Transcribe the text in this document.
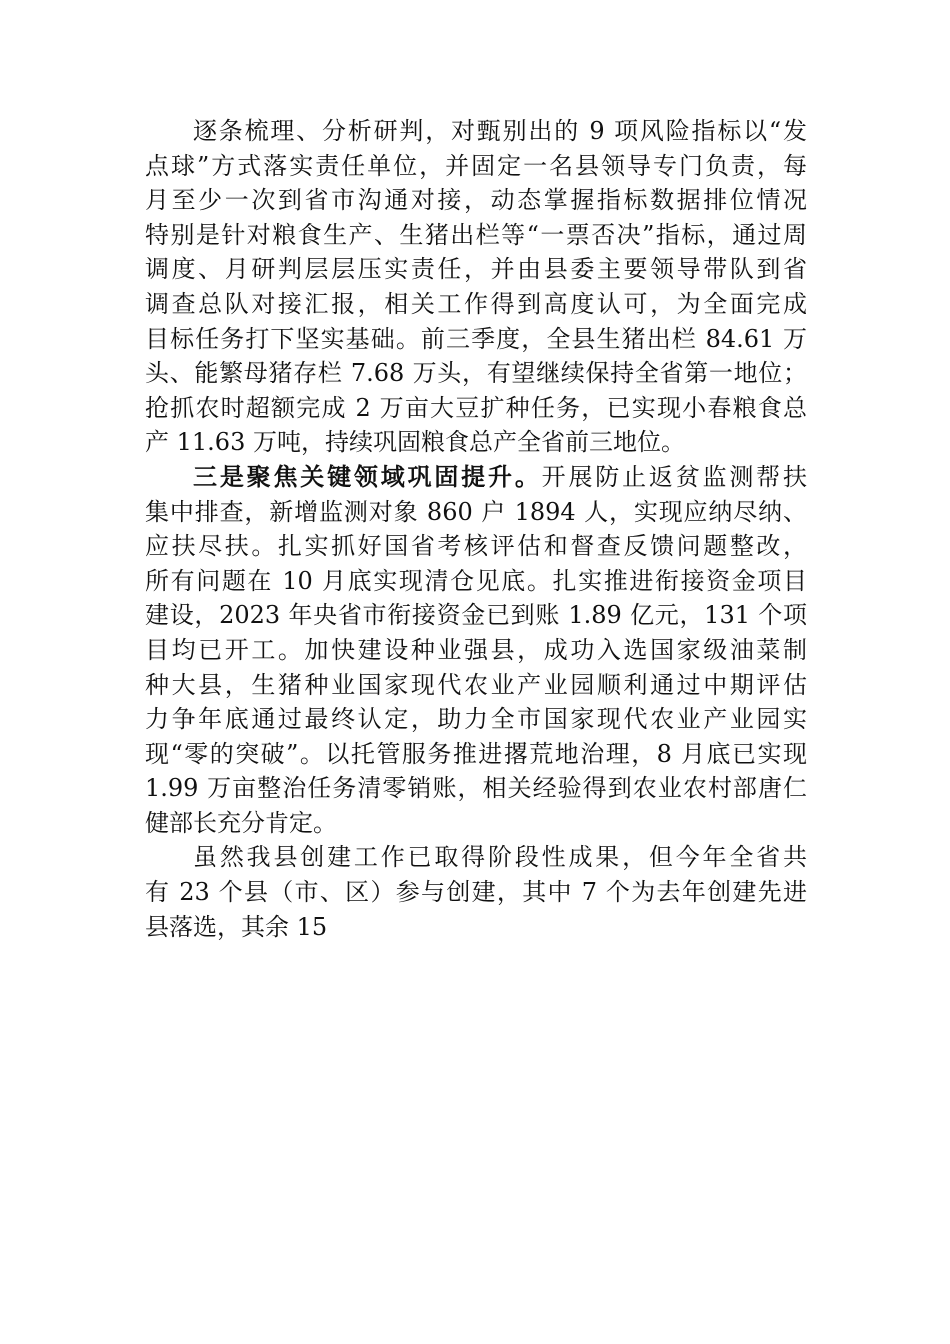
逐条梳理、分析研判，对甄别出的 9 项风险指标以“发
点球”方式落实责任单位，并固定一名县领导专门负责，每
月至少一次到省市沟通对接，动态掌握指标数据排位情况
特别是针对粮食生产、生猪出栏等“一票否决”指标，通过周
调度、月研判层层压实责任，并由县委主要领导带队到省
调查总队对接汇报，相关工作得到高度认可，为全面完成
目标任务打下坚实基础。前三季度，全县生猪出栏 84.61 万
头、能繁母猪存栏 7.68 万头，有望继续保持全省第一地位；
抢抓农时超额完成 2 万亩大豆扩种任务，已实现小春粮食总
产 11.63 万吨，持续巩固粮食总产全省前三地位。
三是聚焦关键领域巩固提升。开展防止返贫监测帮扶
集中排查，新增监测对象 860 户 1894 人，实现应纳尽纳、
应扶尽扶。扎实抓好国省考核评估和督查反馈问题整改，
所有问题在 10 月底实现清仓见底。扎实推进衔接资金项目
建设，2023 年央省市衔接资金已到账 1.89 亿元，131 个项
目均已开工。加快建设种业强县，成功入选国家级油菜制
种大县，生猪种业国家现代农业产业园顺利通过中期评估
力争年底通过最终认定，助力全市国家现代农业产业园实
现“零的突破”。以托管服务推进撂荒地治理，8 月底已实现
1.99 万亩整治任务清零销账，相关经验得到农业农村部唐仁
健部长充分肯定。
虽然我县创建工作已取得阶段性成果，但今年全省共
有 23 个县（市、区）参与创建，其中 7 个为去年创建先进
县落选，其余 15
